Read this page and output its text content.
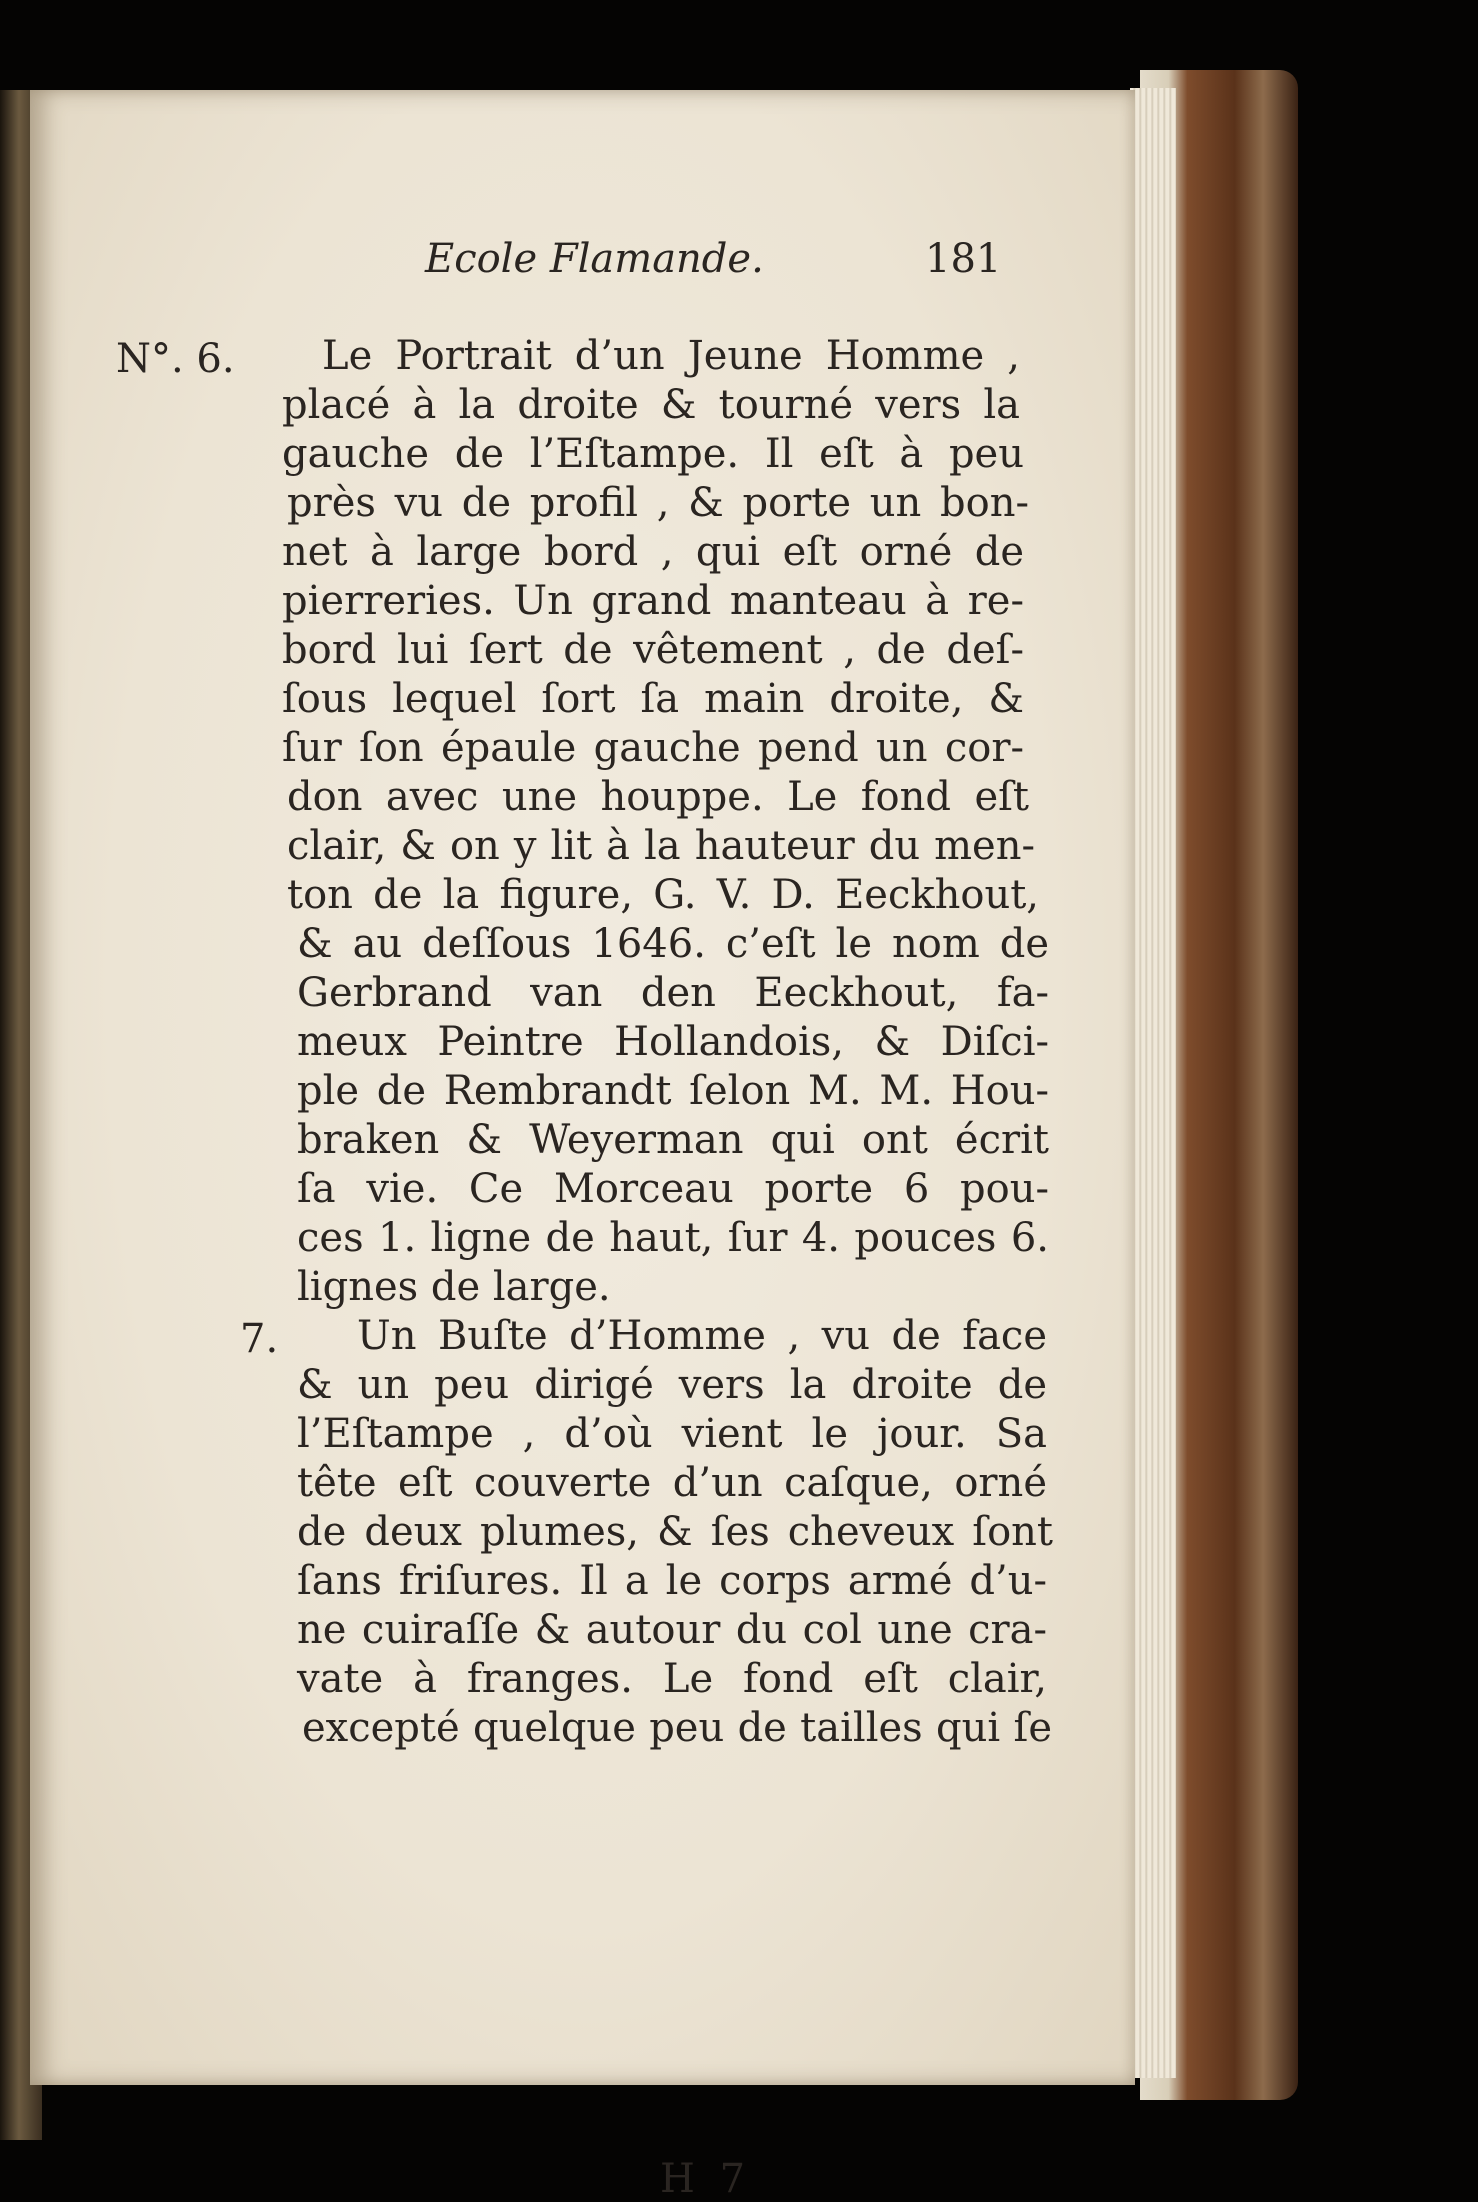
Ecole Flamande.	181
N°. 6.
7.
Le Portrait d’un Jeune Homme ,
placé à la droite & tourné vers la
gauche de l’Eſtampe. Il eſt à peu
près vu de profil , & porte un bon-
net à large bord , qui eſt orné de
pierreries. Un grand manteau à re-
bord lui ſert de vêtement , de deſ-
ſous lequel ſort ſa main droite, &
ſur ſon épaule gauche pend un cor-
don avec une houppe. Le fond eſt
clair, & on y lit à la hauteur du men-
ton de la figure, G. V. D. Eeckhout,
& au deſſous 1646. c’eſt le nom de
Gerbrand van den Eeckhout, fa-
meux Peintre Hollandois, & Diſci-
ple de Rembrandt ſelon M. M. Hou-
braken & Weyerman qui ont écrit
ſa vie. Ce Morceau porte 6 pou-
ces 1. ligne de haut, ſur 4. pouces 6.
lignes de large.
Un Buſte d’Homme , vu de face
& un peu dirigé vers la droite de
l’Eſtampe , d’où vient le jour. Sa
tête eſt couverte d’un caſque, orné
de deux plumes, & ſes cheveux ſont
ſans friſures. Il a le corps armé d’u-
ne cuiraſſe & autour du col une cra-
vate à franges. Le fond eſt clair,
excepté quelque peu de tailles qui ſe
H 7
